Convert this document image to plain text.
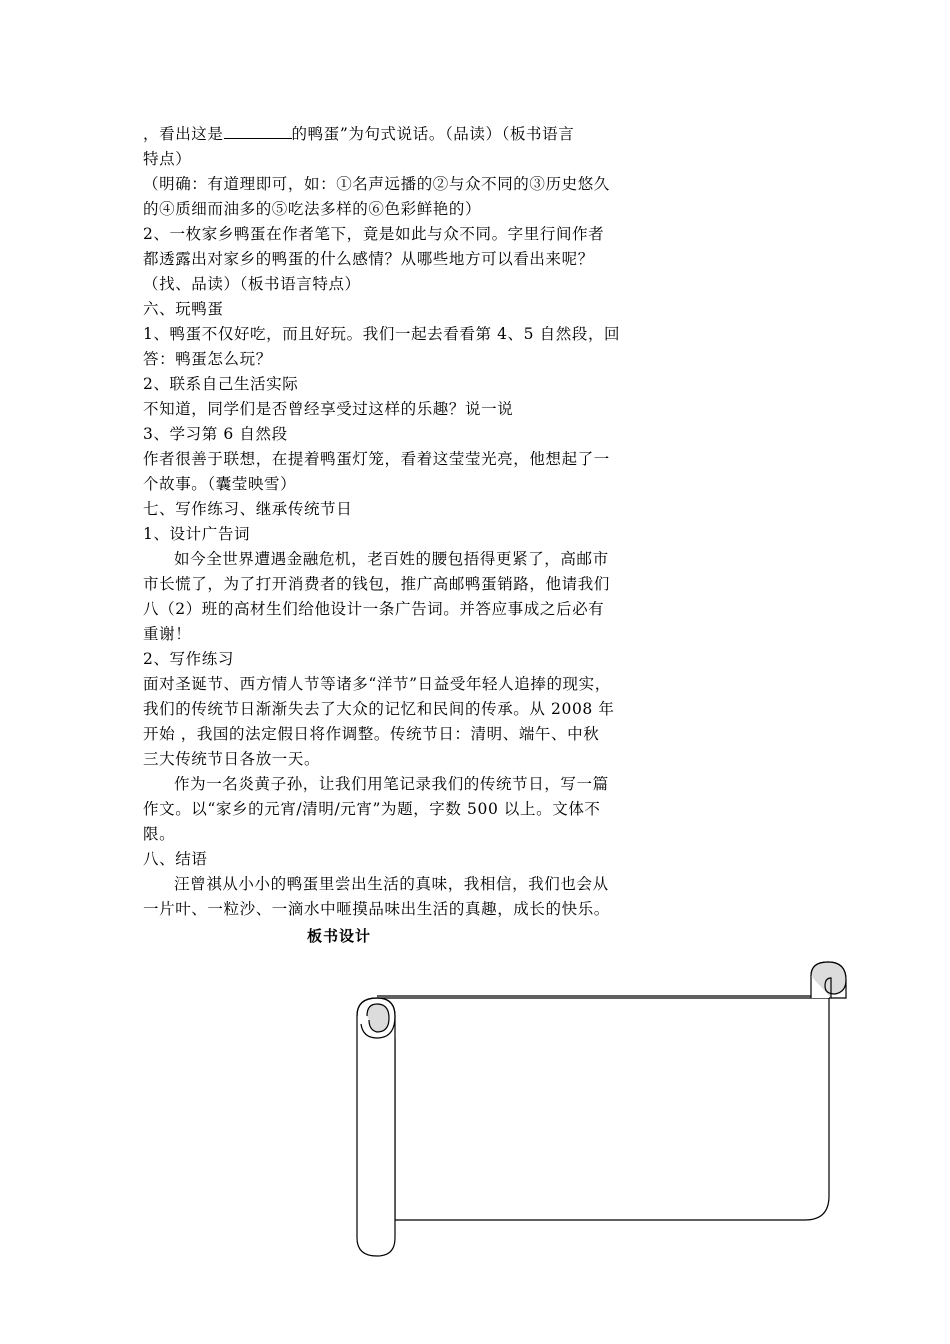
，看出这是	的鸭蛋”为句式说话。（品读）（板书语言
特点）
（明确：有道理即可，如：①名声远播的②与众不同的③历史悠久
的④质细而油多的⑤吃法多样的⑥色彩鲜艳的）
2、一枚家乡鸭蛋在作者笔下，竟是如此与众不同。字里行间作者
都透露出对家乡的鸭蛋的什么感情？从哪些地方可以看出来呢？
（找、品读）（板书语言特点）
六、玩鸭蛋
1、鸭蛋不仅好吃，而且好玩。我们一起去看看第 4、5 自然段，回
答：鸭蛋怎么玩？
2、联系自己生活实际
不知道，同学们是否曾经享受过这样的乐趣？说一说
3、学习第 6 自然段
作者很善于联想，在提着鸭蛋灯笼，看着这莹莹光亮，他想起了一
个故事。（囊莹映雪）
七、写作练习、继承传统节日
1、设计广告词
如今全世界遭遇金融危机，老百姓的腰包捂得更紧了，高邮市
市长慌了，为了打开消费者的钱包，推广高邮鸭蛋销路，他请我们
八（2）班的高材生们给他设计一条广告词。并答应事成之后必有
重谢！
2、写作练习
面对圣诞节、西方情人节等诸多“洋节”日益受年轻人追捧的现实，
我们的传统节日渐渐失去了大众的记忆和民间的传承。从 2008 年
开始 ，我国的法定假日将作调整。传统节日：清明、端午、中秋
三大传统节日各放一天。
作为一名炎黄子孙，让我们用笔记录我们的传统节日，写一篇
作文。以“家乡的元宵/清明/元宵”为题，字数 500 以上。文体不
限。
八、结语
汪曾祺从小小的鸭蛋里尝出生活的真味，我相信，我们也会从
一片叶、一粒沙、一滴水中咂摸品味出生活的真趣，成长的快乐。
板书设计
